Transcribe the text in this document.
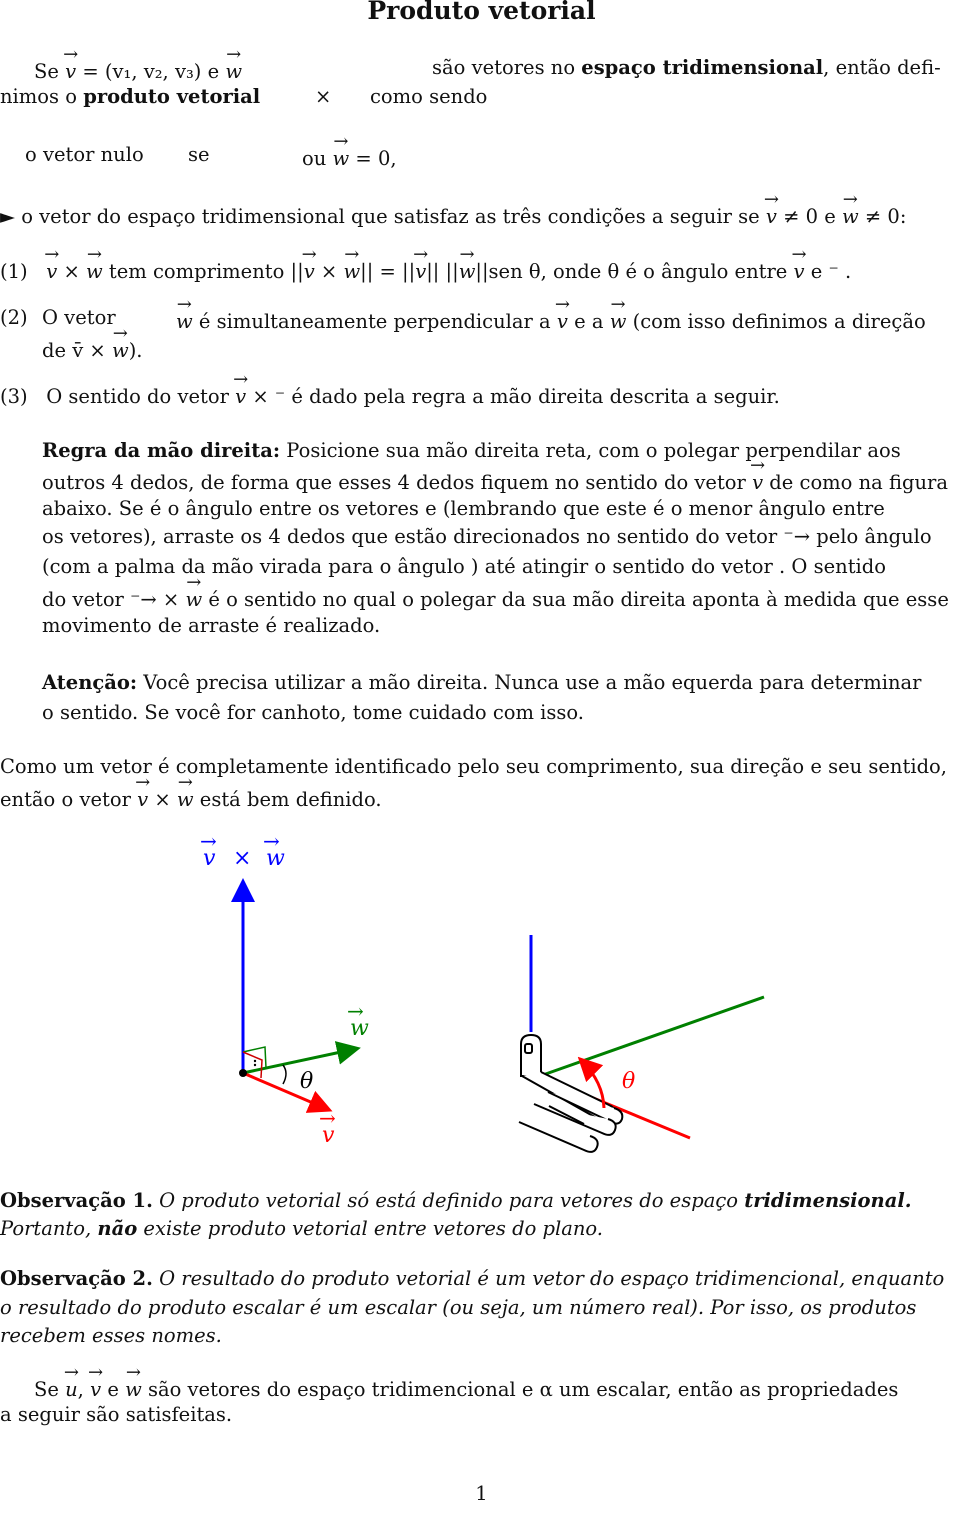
Produto vetorial
Se → v = (v₁, v₂, v₃) e → w	são vetores no espaço tridimensional, então defi-
nimos o produto vetorial	× como sendo
o vetor nulo se	ou → w = 0,
► o vetor do espaço tridimensional que satisfaz as três condições a seguir se → v ≠ 0 e → w ≠ 0:
(1) → v × → w tem comprimento ||→ v × → w|| = ||→ v|| ||→ w||sen θ, onde θ é o ângulo entre → v e ⁻ .
(2) O vetor	→ w é simultaneamente perpendicular a → v e a → w (com isso definimos a direção
de v̄ × → w).
(3) O sentido do vetor → v × ⁻ é dado pela regra a mão direita descrita a seguir.
Regra da mão direita: Posicione sua mão direita reta, com o polegar perpendilar aos
outros 4 dedos, de forma que esses 4 dedos fiquem no sentido do vetor → v de como na figura
abaixo. Se é o ângulo entre os vetores e (lembrando que este é o menor ângulo entre
os vetores), arraste os 4 dedos que estão direcionados no sentido do vetor ⁻→ pelo ângulo
(com a palma da mão virada para o ângulo ) até atingir o sentido do vetor . O sentido
do vetor ⁻→ × → w é o sentido no qual o polegar da sua mão direita aponta à medida que esse
movimento de arraste é realizado.
Atenção: Você precisa utilizar a mão direita. Nunca use a mão equerda para determinar
o sentido. Se você for canhoto, tome cuidado com isso.
Como um vetor é completamente identificado pelo seu comprimento, sua direção e seu sentido,
então o vetor → v × → w está bem definido.
v
→
× w
→
θ
w
→
v
→
θ
Observação 1. O produto vetorial só está definido para vetores do espaço tridimensional.
Portanto, não existe produto vetorial entre vetores do plano.
Observação 2. O resultado do produto vetorial é um vetor do espaço tridimencional, enquanto
o resultado do produto escalar é um escalar (ou seja, um número real). Por isso, os produtos
recebem esses nomes.
Se → u, → v e → w são vetores do espaço tridimencional e α um escalar, então as propriedades
a seguir são satisfeitas.
1
